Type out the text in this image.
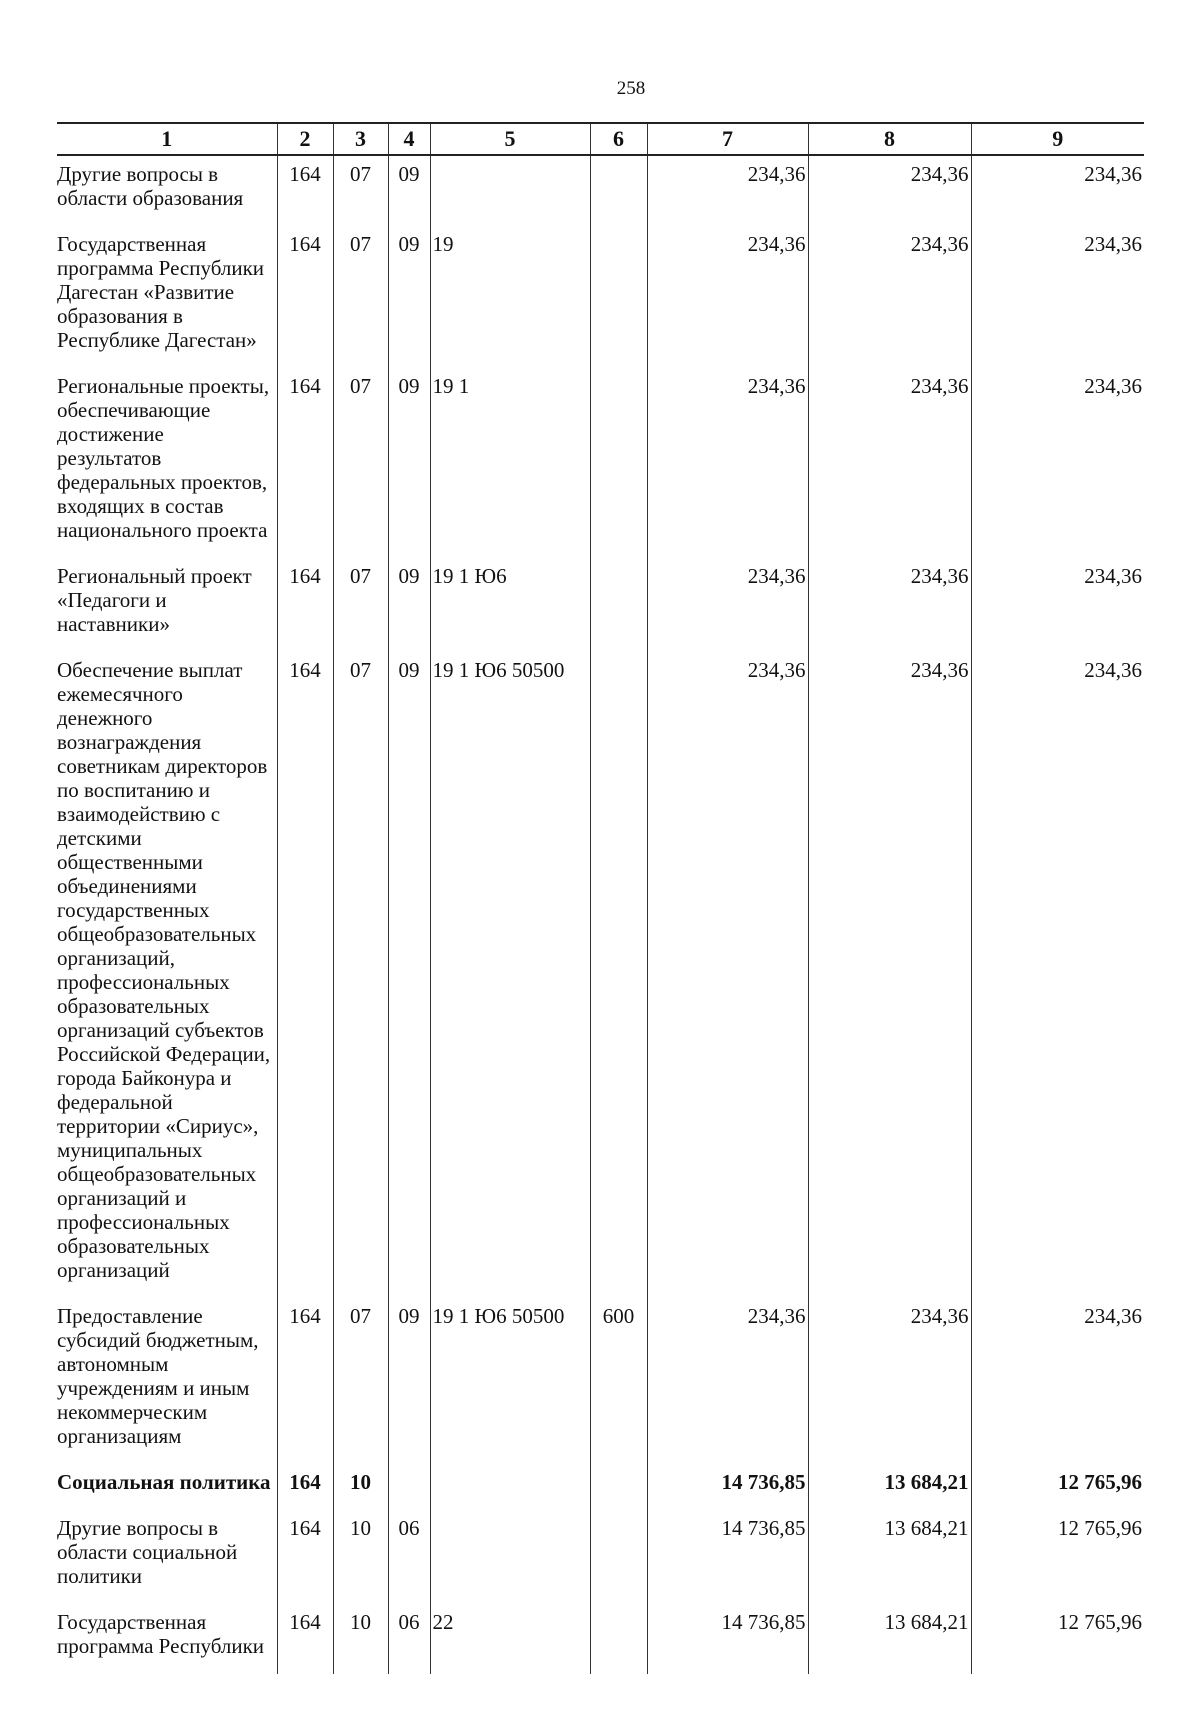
258
1	2	3	4	5	6	7	8	9
Другие вопросы в области образования	164	07	09			234,36	234,36	234,36
Государственная программа Республики Дагестан «Развитие образования в Республике Дагестан»	164	07	09	19		234,36	234,36	234,36
Региональные проекты, обеспечивающие достижение результатов федеральных проектов, входящих в состав национального проекта	164	07	09	19 1		234,36	234,36	234,36
Региональный проект «Педагоги и наставники»	164	07	09	19 1 Ю6		234,36	234,36	234,36
Обеспечение выплат ежемесячного денежного вознаграждения советникам директоров по воспитанию и взаимодействию с детскими общественными объединениями государственных общеобразовательных организаций, профессиональных образовательных организаций субъектов Российской Федерации, города Байконура и федеральной территории «Сириус», муниципальных общеобразовательных организаций и профессиональных образовательных организаций	164	07	09	19 1 Ю6 50500		234,36	234,36	234,36
Предоставление субсидий бюджетным, автономным учреждениям и иным некоммерческим организациям	164	07	09	19 1 Ю6 50500	600	234,36	234,36	234,36
Социальная политика	164	10				14 736,85	13 684,21	12 765,96
Другие вопросы в области социальной политики	164	10	06			14 736,85	13 684,21	12 765,96
Государственная программа Республики	164	10	06	22		14 736,85	13 684,21	12 765,96
